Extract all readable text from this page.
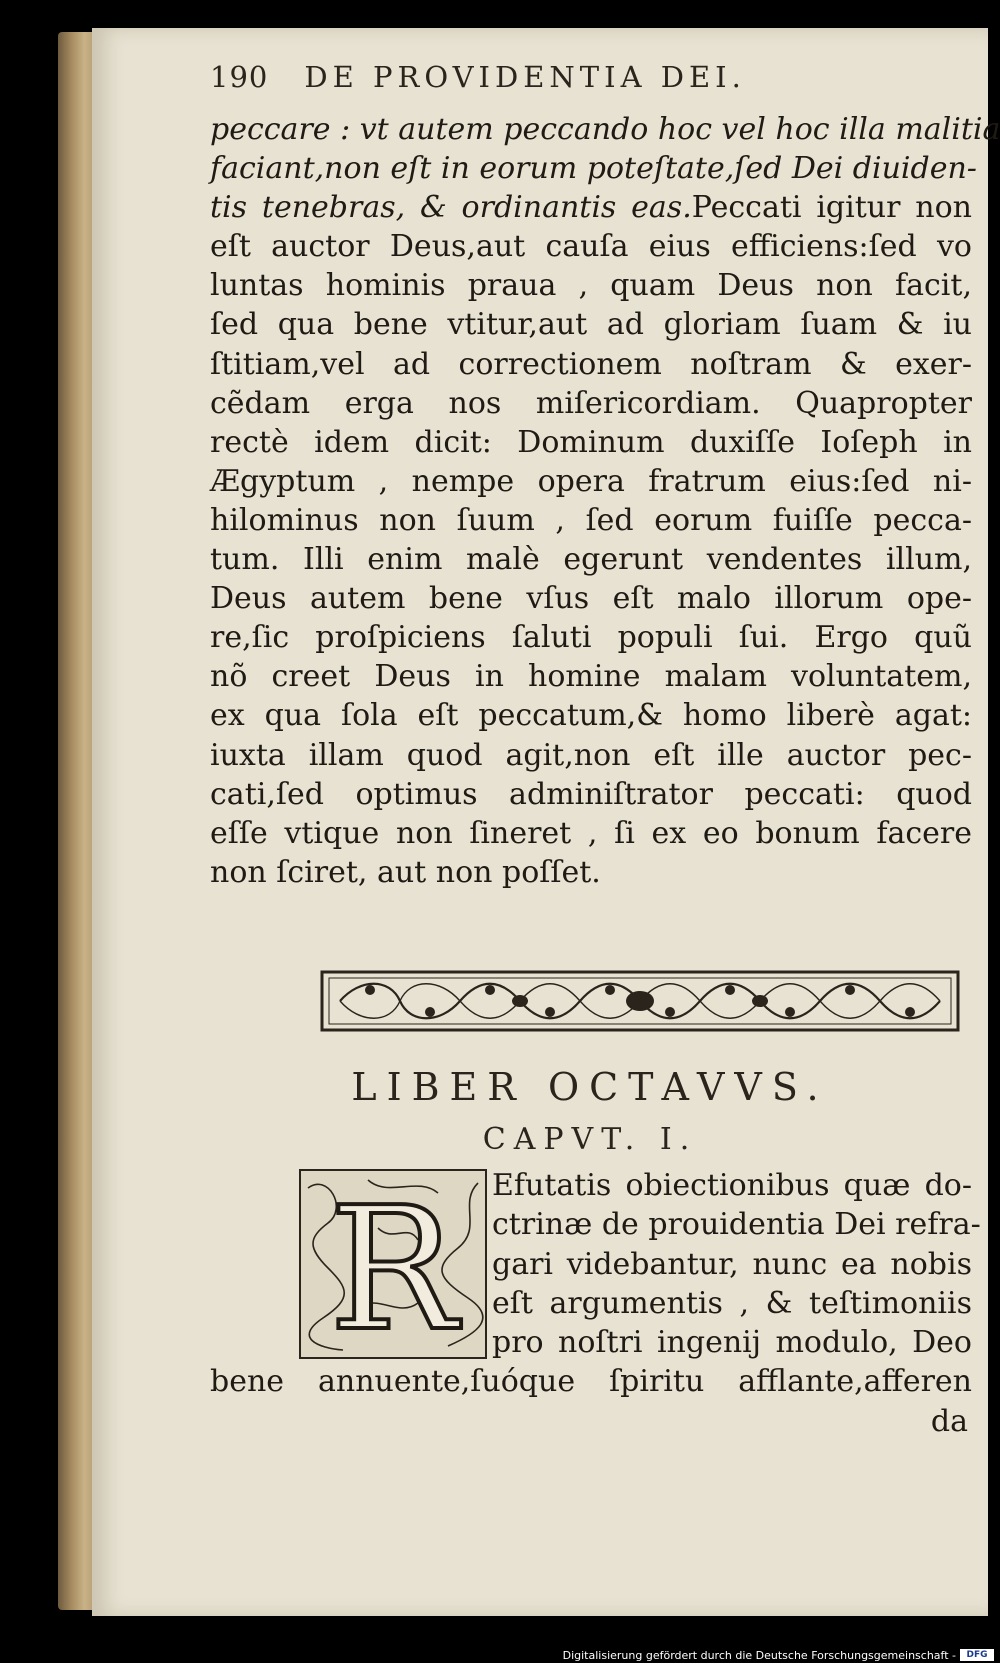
190 DE PROVIDENTIA DEI.
peccare : vt autem peccando hoc vel hoc illa malitia
faciant,non eſt in eorum poteſtate,ſed Dei diuiden-
tis tenebras, & ordinantis eas.Peccati igitur non
eſt auctor Deus,aut cauſa eius efficiens:ſed vo
luntas hominis praua , quam Deus non facit,
ſed qua bene vtitur,aut ad gloriam ſuam & iu
ſtitiam,vel ad correctionem noſtram & exer-
cẽdam erga nos miſericordiam. Quapropter
rectè idem dicit: Dominum duxiſſe Ioſeph in
Ægyptum , nempe opera fratrum eius:ſed ni-
hilominus non ſuum , ſed eorum fuiſſe pecca-
tum. Illi enim malè egerunt vendentes illum,
Deus autem bene vſus eſt malo illorum ope-
re,ſic proſpiciens ſaluti populi ſui. Ergo quũ
nõ creet Deus in homine malam voluntatem,
ex qua ſola eſt peccatum,& homo liberè agat:
iuxta illam quod agit,non eſt ille auctor pec-
cati,ſed optimus adminiſtrator peccati: quod
eſſe vtique non ſineret , ſi ex eo bonum facere
non ſciret, aut non poſſet.
LIBER OCTAVVS.
CAPVT. I.
R	Efutatis obiectionibus quæ do-
ctrinæ de prouidentia Dei refra-
gari videbantur, nunc ea nobis
eſt argumentis , & teſtimoniis
pro noſtri ingenij modulo, Deo
bene annuente,ſuóque ſpiritu afflante,afferen
da
Digitalisierung gefördert durch die Deutsche Forschungsgemeinschaft -	DFG
